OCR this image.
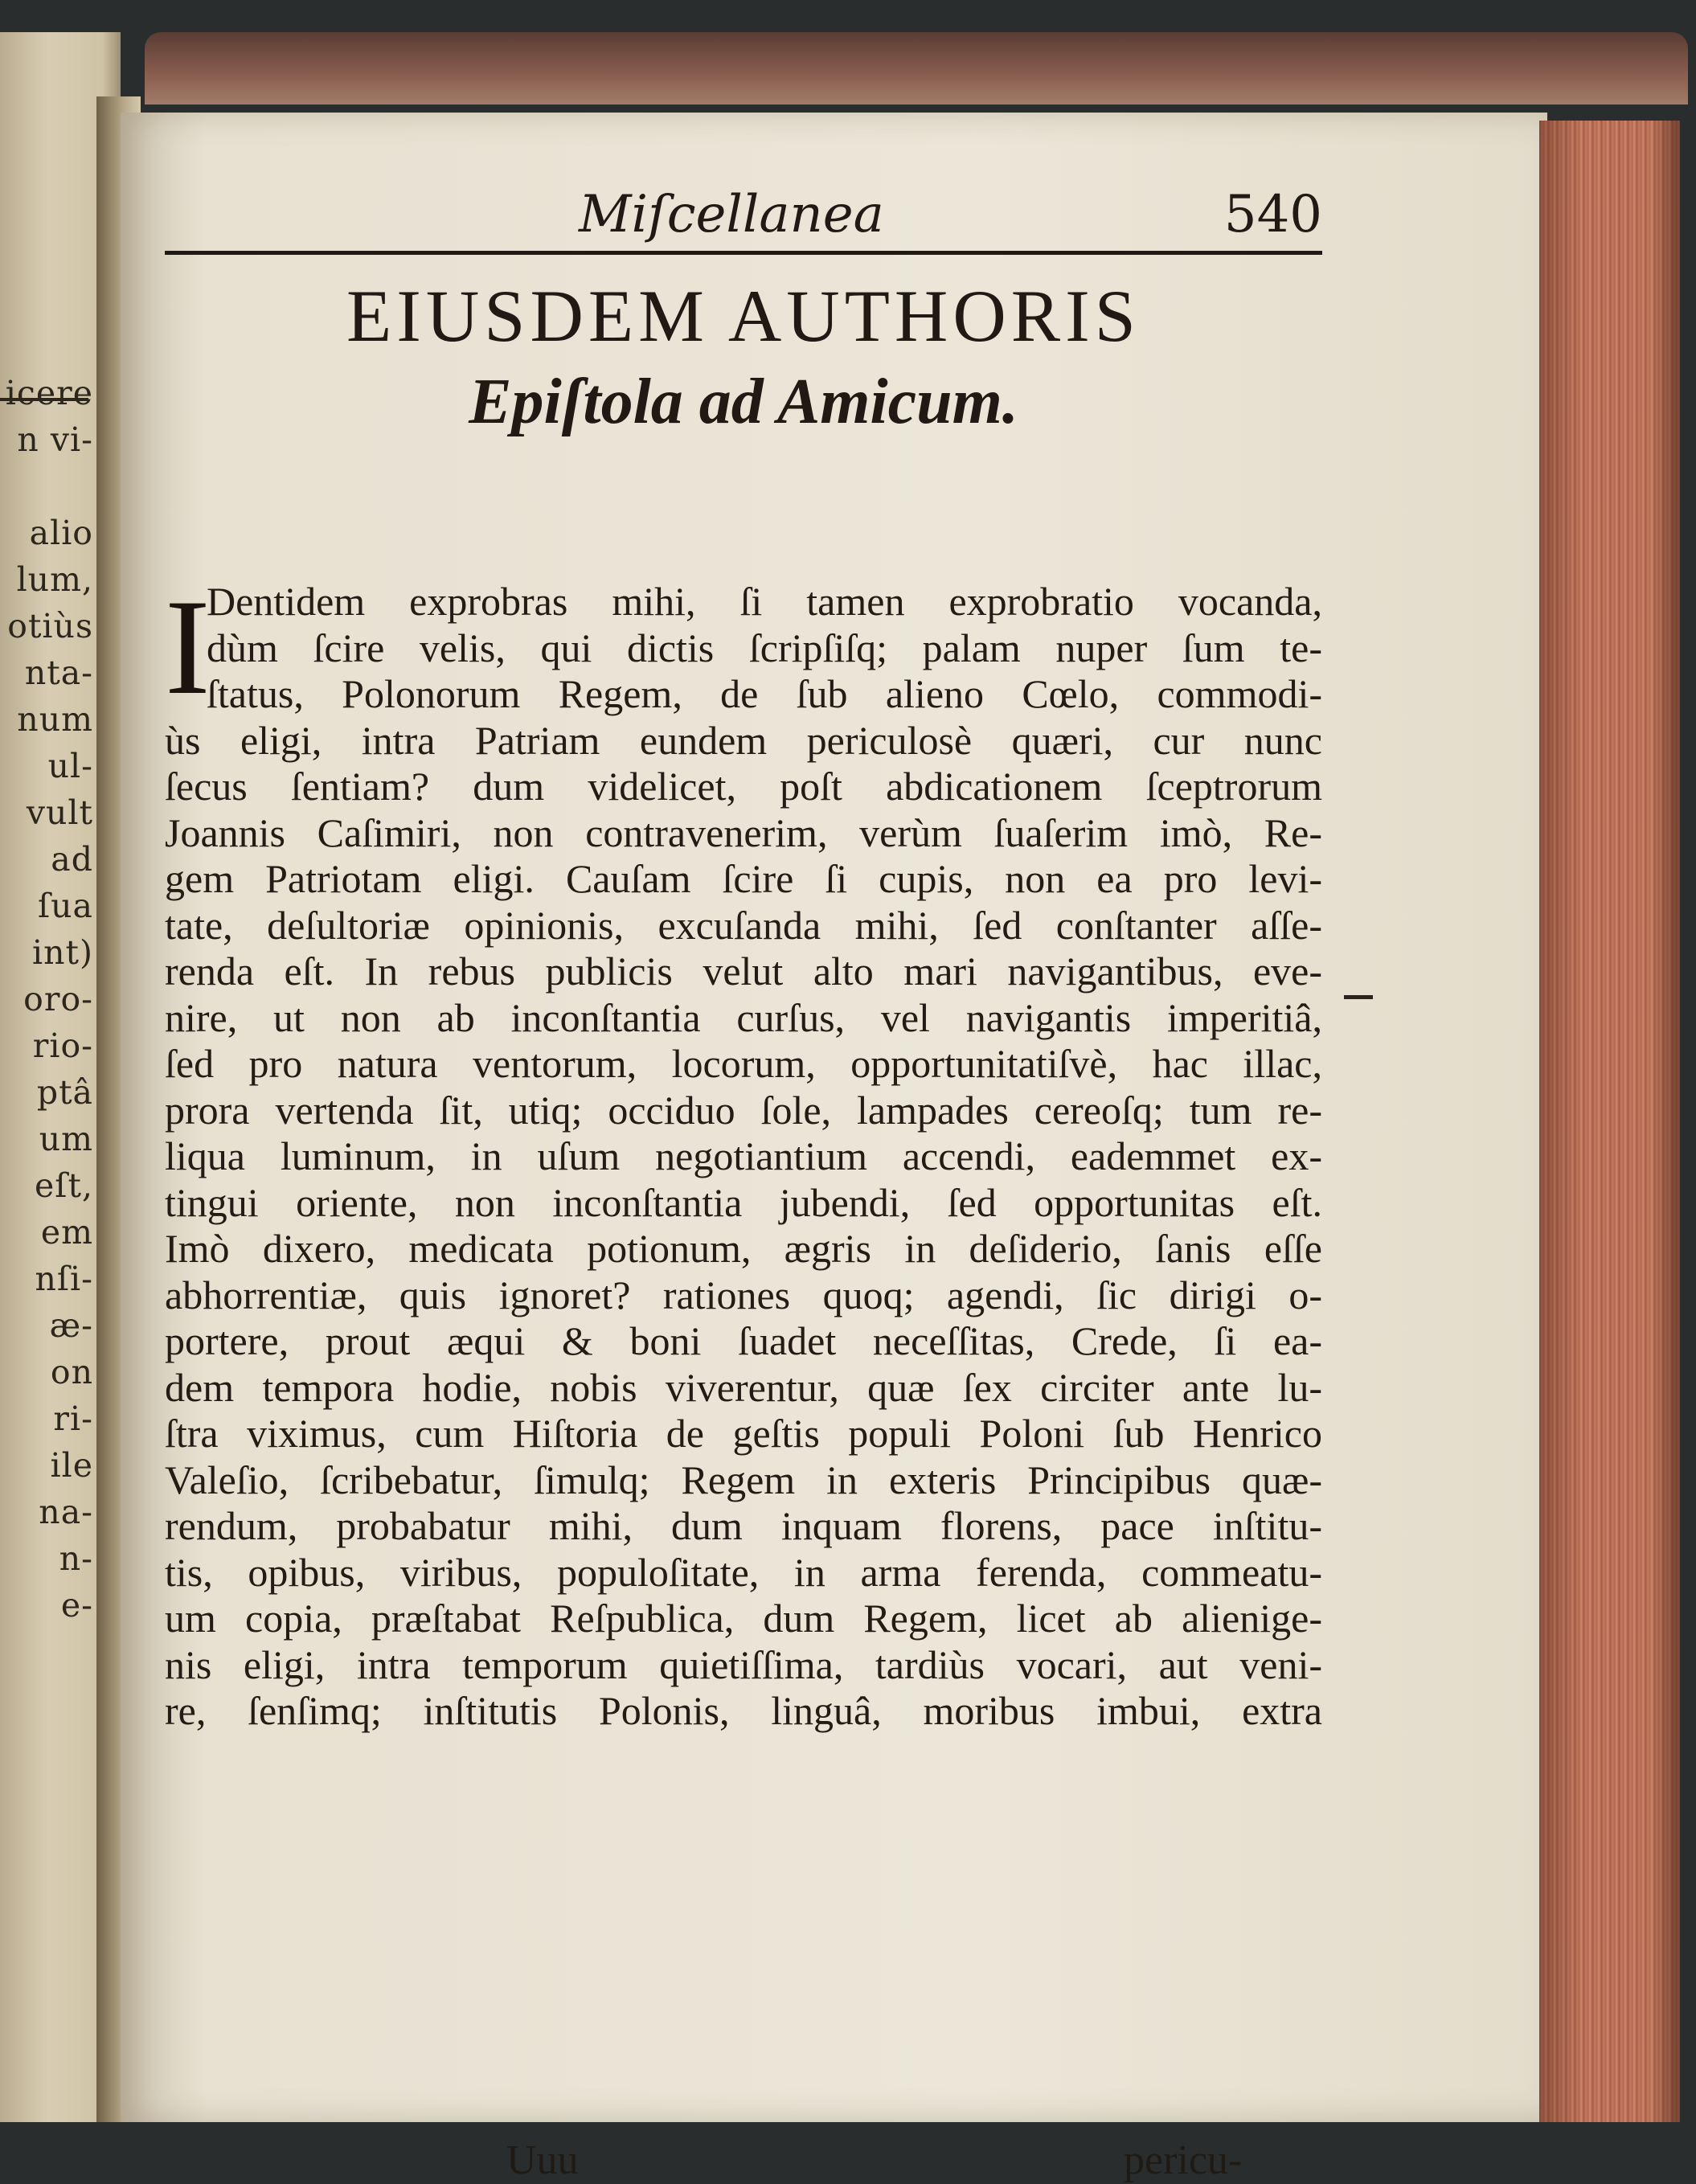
icere
n vi-
alio
lum,
otiùs
nta-
num
ul-
vult
ad
ſua
int)
oro-
rio-
ptâ
um
eſt,
em
nſi-
æ-
on
ri-
ile
na-
n-
e-
Miſcellanea	540
EIUSDEM AUTHORIS
Epiſtola ad Amicum.
I
Dentidem exprobras mihi, ſi tamen exprobratio vocanda,
dùm ſcire velis, qui dictis ſcripſiſq; palam nuper ſum te-
ſtatus, Polonorum Regem, de ſub alieno Cœlo, commodi-
ùs eligi, intra Patriam eundem periculosè quæri, cur nunc
ſecus ſentiam? dum videlicet, poſt abdicationem ſceptrorum
Joannis Caſimiri, non contravenerim, verùm ſuaſerim imò, Re-
gem Patriotam eligi. Cauſam ſcire ſi cupis, non ea pro levi-
tate, deſultoriæ opinionis, excuſanda mihi, ſed conſtanter aſſe-
renda eſt. In rebus publicis velut alto mari navigantibus, eve-
nire, ut non ab inconſtantia curſus, vel navigantis imperitiâ,
ſed pro natura ventorum, locorum, opportunitatiſvè, hac illac,
prora vertenda ſit, utiq; occiduo ſole, lampades cereoſq; tum re-
liqua luminum, in uſum negotiantium accendi, eademmet ex-
tingui oriente, non inconſtantia jubendi, ſed opportunitas eſt.
Imò dixero, medicata potionum, ægris in deſiderio, ſanis eſſe
abhorrentiæ, quis ignoret? rationes quoq; agendi, ſic dirigi o-
portere, prout æqui & boni ſuadet neceſſitas, Crede, ſi ea-
dem tempora hodie, nobis viverentur, quæ ſex circiter ante lu-
ſtra viximus, cum Hiſtoria de geſtis populi Poloni ſub Henrico
Valeſio, ſcribebatur, ſimulq; Regem in exteris Principibus quæ-
rendum, probabatur mihi, dum inquam florens, pace inſtitu-
tis, opibus, viribus, populoſitate, in arma ferenda, commeatu-
um copia, præſtabat Reſpublica, dum Regem, licet ab alienige-
nis eligi, intra temporum quietiſſima, tardiùs vocari, aut veni-
re, ſenſimq; inſtitutis Polonis, linguâ, moribus imbui, extra
Uuu	pericu-
